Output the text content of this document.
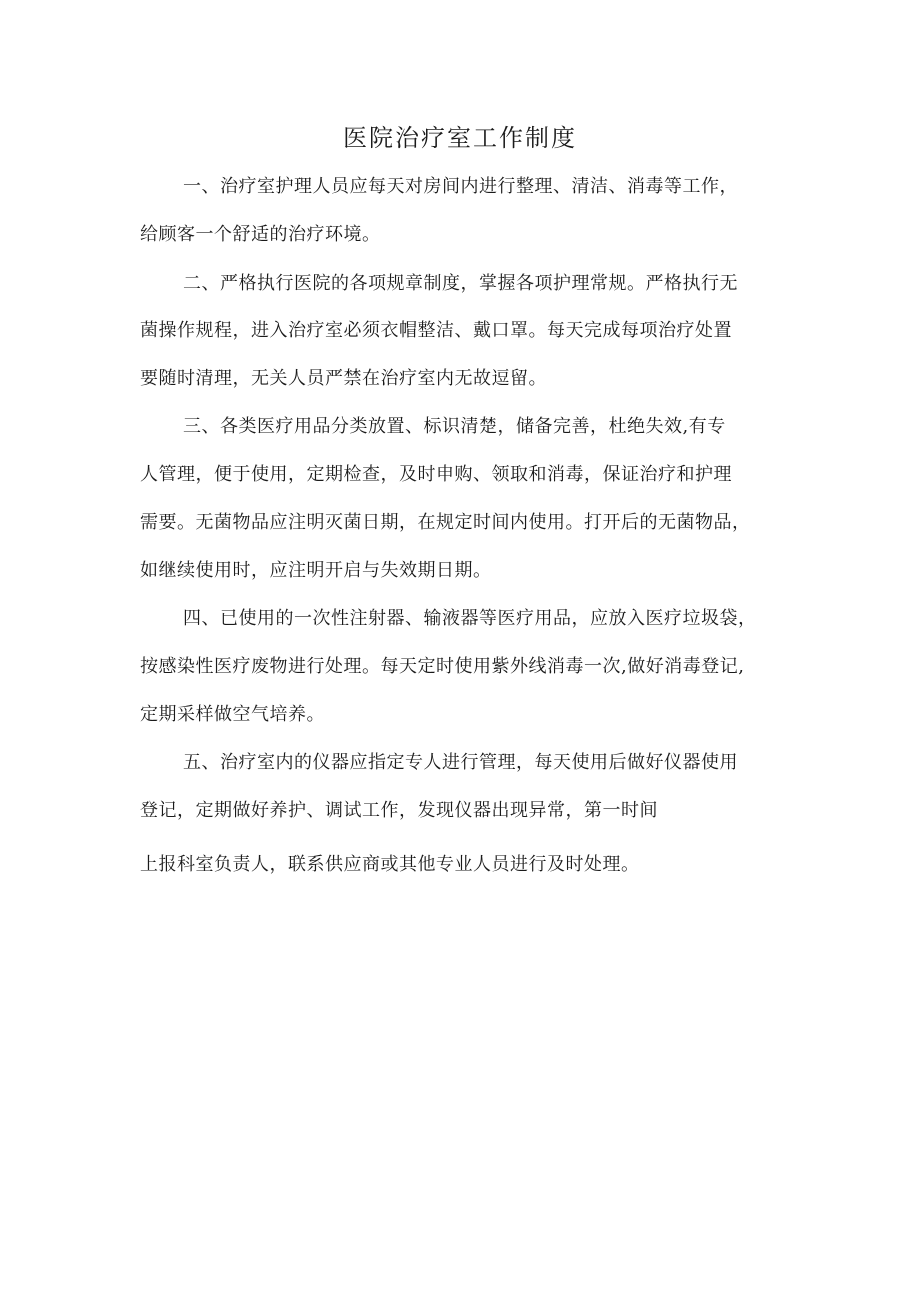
医院治疗室工作制度
一、治疗室护理人员应每天对房间内进行整理、清洁、消毒等工作，
给顾客一个舒适的治疗环境。
二、严格执行医院的各项规章制度，掌握各项护理常规。严格执行无
菌操作规程，进入治疗室必须衣帽整洁、戴口罩。每天完成每项治疗处置
要随时清理，无关人员严禁在治疗室内无故逗留。
三、各类医疗用品分类放置、标识清楚，储备完善，杜绝失效,有专
人管理，便于使用，定期检查，及时申购、领取和消毒，保证治疗和护理
需要。无菌物品应注明灭菌日期，在规定时间内使用。打开后的无菌物品，
如继续使用时，应注明开启与失效期日期。
四、已使用的一次性注射器、输液器等医疗用品，应放入医疗垃圾袋，
按感染性医疗废物进行处理。每天定时使用紫外线消毒一次,做好消毒登记,
定期采样做空气培养。
五、治疗室内的仪器应指定专人进行管理，每天使用后做好仪器使用
登记，定期做好养护、调试工作，发现仪器出现异常，第一时间
上报科室负责人，联系供应商或其他专业人员进行及时处理。
